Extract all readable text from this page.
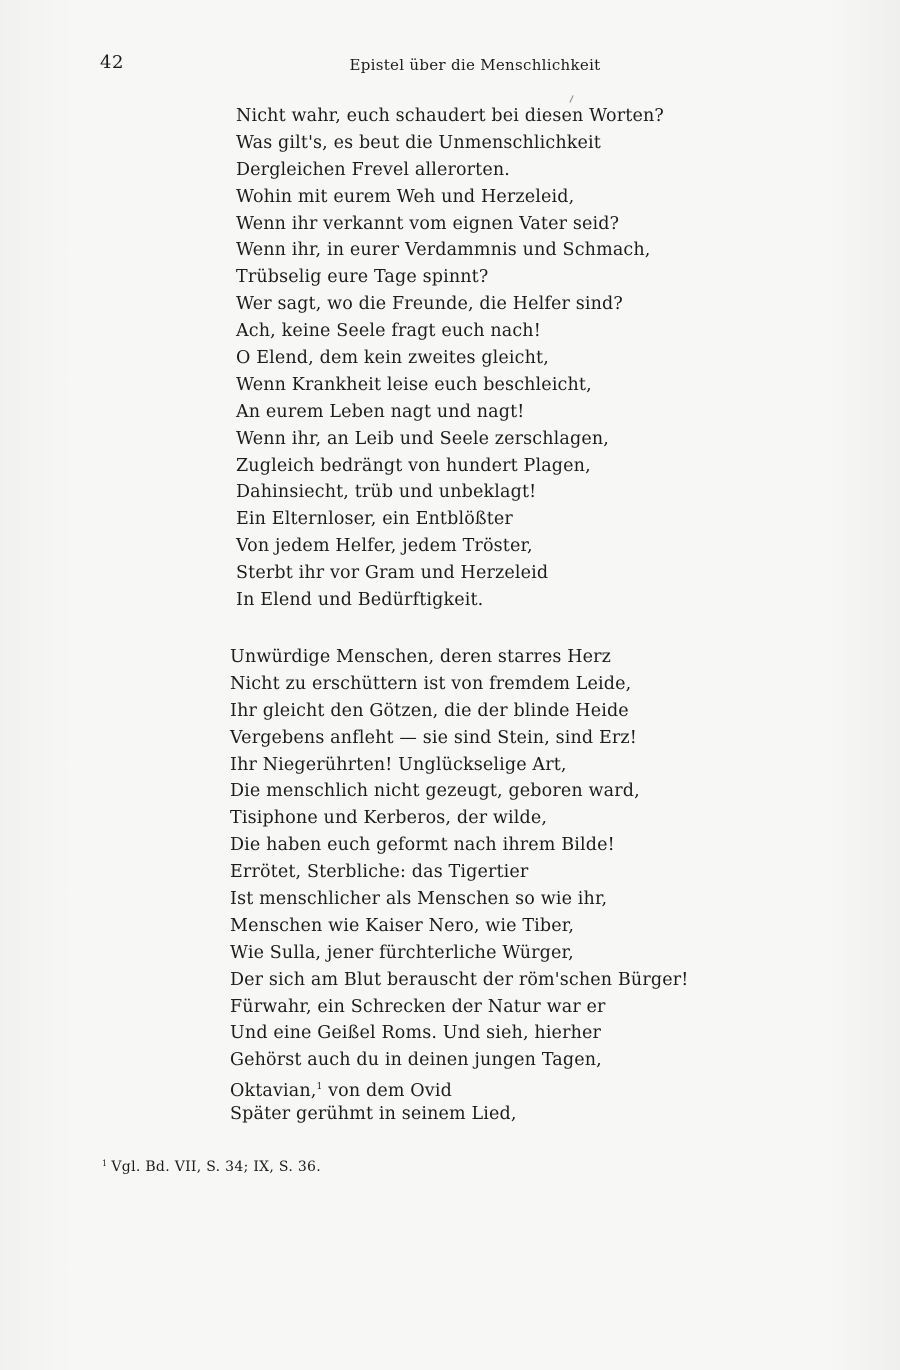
42	Epistel über die Menschlichkeit
Nicht wahr, euch schaudert bei diesen Worten?
Was gilt's, es beut die Unmenschlichkeit
Dergleichen Frevel allerorten.
Wohin mit eurem Weh und Herzeleid,
Wenn ihr verkannt vom eignen Vater seid?
Wenn ihr, in eurer Verdammnis und Schmach,
Trübselig eure Tage spinnt?
Wer sagt, wo die Freunde, die Helfer sind?
Ach, keine Seele fragt euch nach!
O Elend, dem kein zweites gleicht,
Wenn Krankheit leise euch beschleicht,
An eurem Leben nagt und nagt!
Wenn ihr, an Leib und Seele zerschlagen,
Zugleich bedrängt von hundert Plagen,
Dahinsiecht, trüb und unbeklagt!
Ein Elternloser, ein Entblößter
Von jedem Helfer, jedem Tröster,
Sterbt ihr vor Gram und Herzeleid
In Elend und Bedürftigkeit.
Unwürdige Menschen, deren starres Herz
Nicht zu erschüttern ist von fremdem Leide,
Ihr gleicht den Götzen, die der blinde Heide
Vergebens anfleht — sie sind Stein, sind Erz!
Ihr Niegerührten! Unglückselige Art,
Die menschlich nicht gezeugt, geboren ward,
Tisiphone und Kerberos, der wilde,
Die haben euch geformt nach ihrem Bilde!
Errötet, Sterbliche: das Tigertier
Ist menschlicher als Menschen so wie ihr,
Menschen wie Kaiser Nero, wie Tiber,
Wie Sulla, jener fürchterliche Würger,
Der sich am Blut berauscht der röm'schen Bürger!
Fürwahr, ein Schrecken der Natur war er
Und eine Geißel Roms. Und sieh, hierher
Gehörst auch du in deinen jungen Tagen,
Oktavian,$^1$ von dem Ovid
Später gerühmt in seinem Lied,
$^1$ Vgl. Bd. VII, S. 34; IX, S. 36.
